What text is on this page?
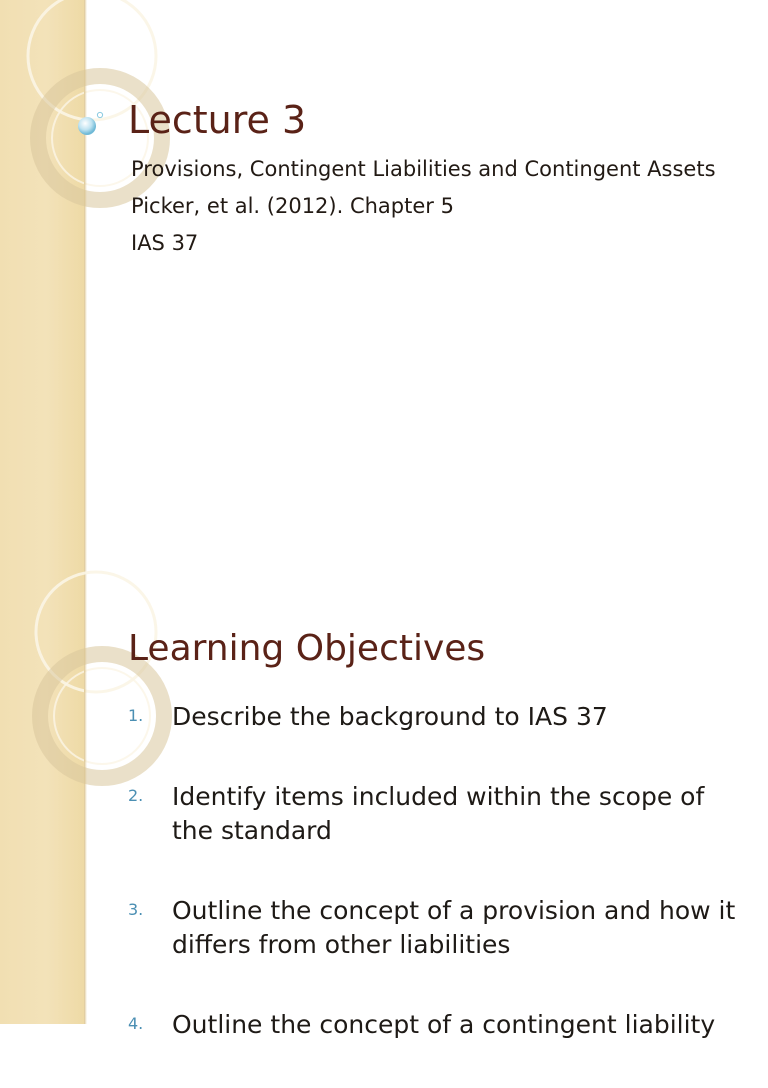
Lecture 3

Provisions, Contingent Liabilities and Contingent Assets

Picker, et al. (2012). Chapter 5

IAS 37

Learning Objectives
1.	Describe the background to IAS 37
2.	Identify items included within the scope of the standard
3.	Outline the concept of a provision and how it differs from other liabilities
4.	Outline the concept of a contingent liability
